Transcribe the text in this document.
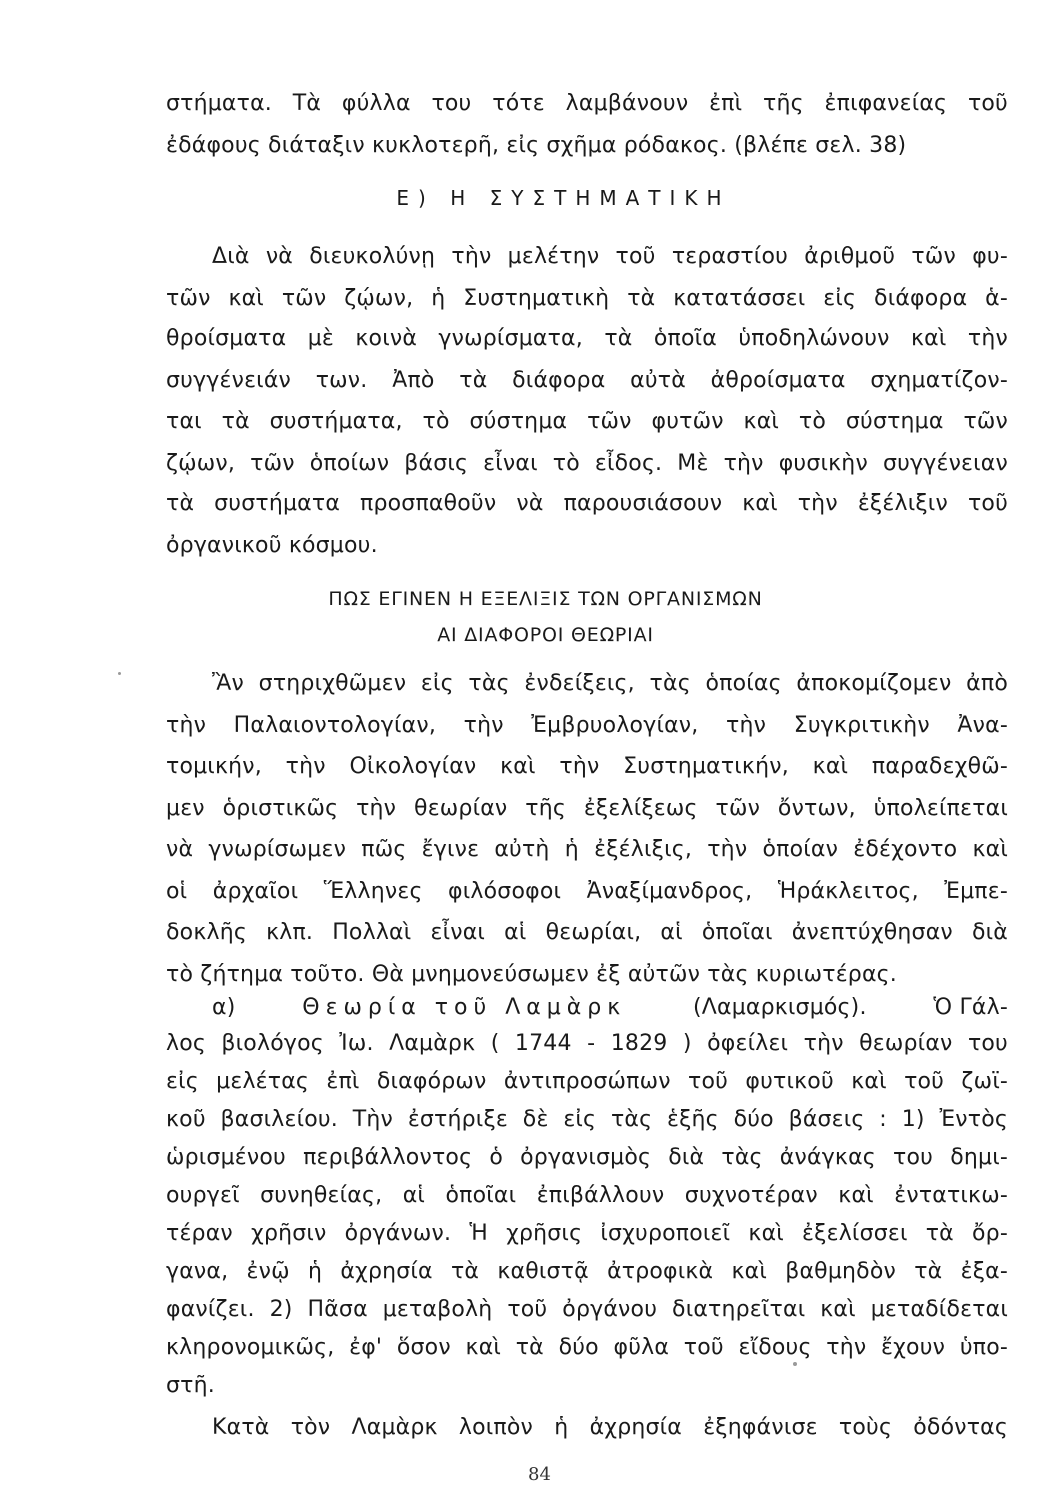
στήματα. Τὰ φύλλα του τότε λαμβάνουν ἐπὶ τῆς ἐπιφανείας τοῦ
ἐδάφους διάταξιν κυκλοτερῆ, εἰς σχῆμα ρόδακος. (βλέπε σελ. 38)
Ε) Η ΣΥΣΤΗΜΑΤΙΚΗ
Διὰ νὰ διευκολύνῃ τὴν μελέτην τοῦ τεραστίου ἀριθμοῦ τῶν φυ-
τῶν καὶ τῶν ζῴων, ἡ Συστηματικὴ τὰ κατατάσσει εἰς διάφορα ἁ-
θροίσματα μὲ κοινὰ γνωρίσματα, τὰ ὁποῖα ὑποδηλώνουν καὶ τὴν
συγγένειάν των. Ἀπὸ τὰ διάφορα αὐτὰ ἀθροίσματα σχηματίζον-
ται τὰ συστήματα, τὸ σύστημα τῶν φυτῶν καὶ τὸ σύστημα τῶν
ζῴων, τῶν ὁποίων βάσις εἶναι τὸ εἶδος. Μὲ τὴν φυσικὴν συγγένειαν
τὰ συστήματα προσπαθοῦν νὰ παρουσιάσουν καὶ τὴν ἐξέλιξιν τοῦ
ὀργανικοῦ κόσμου.
ΠΩΣ ΕΓΙΝΕΝ Η ΕΞΕΛΙΞΙΣ ΤΩΝ ΟΡΓΑΝΙΣΜΩΝ
ΑΙ ΔΙΑΦΟΡΟΙ ΘΕΩΡΙΑΙ
Ἂν στηριχθῶμεν εἰς τὰς ἐνδείξεις, τὰς ὁποίας ἀποκομίζομεν ἀπὸ
τὴν Παλαιοντολογίαν, τὴν Ἐμβρυολογίαν, τὴν Συγκριτικὴν Ἀνα-
τομικήν, τὴν Οἰκολογίαν καὶ τὴν Συστηματικήν, καὶ παραδεχθῶ-
μεν ὁριστικῶς τὴν θεωρίαν τῆς ἐξελίξεως τῶν ὄντων, ὑπολείπεται
νὰ γνωρίσωμεν πῶς ἔγινε αὐτὴ ἡ ἐξέλιξις, τὴν ὁποίαν ἐδέχοντο καὶ
οἱ ἀρχαῖοι Ἕλληνες φιλόσοφοι Ἀναξίμανδρος, Ἡράκλειτος, Ἐμπε-
δοκλῆς κλπ. Πολλαὶ εἶναι αἱ θεωρίαι, αἱ ὁποῖαι ἀνεπτύχθησαν διὰ
τὸ ζήτημα τοῦτο. Θὰ μνημονεύσωμεν ἐξ αὐτῶν τὰς κυριωτέρας.
α)	Θεωρία τοῦ Λαμὰρκ	(Λαμαρκισμός).	Ὁ Γάλ-
λος βιολόγος Ἰω. Λαμὰρκ ( 1744 - 1829 ) ὀφείλει τὴν θεωρίαν του
εἰς μελέτας ἐπὶ διαφόρων ἀντιπροσώπων τοῦ φυτικοῦ καὶ τοῦ ζωϊ-
κοῦ βασιλείου. Τὴν ἐστήριξε δὲ εἰς τὰς ἑξῆς δύο βάσεις : 1) Ἐντὸς
ὡρισμένου περιβάλλοντος ὁ ὀργανισμὸς διὰ τὰς ἀνάγκας του δημι-
ουργεῖ συνηθείας, αἱ ὁποῖαι ἐπιβάλλουν συχνοτέραν καὶ ἐντατικω-
τέραν χρῆσιν ὀργάνων. Ἡ χρῆσις ἰσχυροποιεῖ καὶ ἐξελίσσει τὰ ὄρ-
γανα, ἐνῷ ἡ ἀχρησία τὰ καθιστᾷ ἀτροφικὰ καὶ βαθμηδὸν τὰ ἐξα-
φανίζει. 2) Πᾶσα μεταβολὴ τοῦ ὀργάνου διατηρεῖται καὶ μεταδίδεται
κληρονομικῶς, ἐφ' ὅσον καὶ τὰ δύο φῦλα τοῦ εἴδους τὴν ἔχουν ὑπο-
στῆ.
Κατὰ τὸν Λαμὰρκ λοιπὸν ἡ ἀχρησία ἐξηφάνισε τοὺς ὀδόντας
84
